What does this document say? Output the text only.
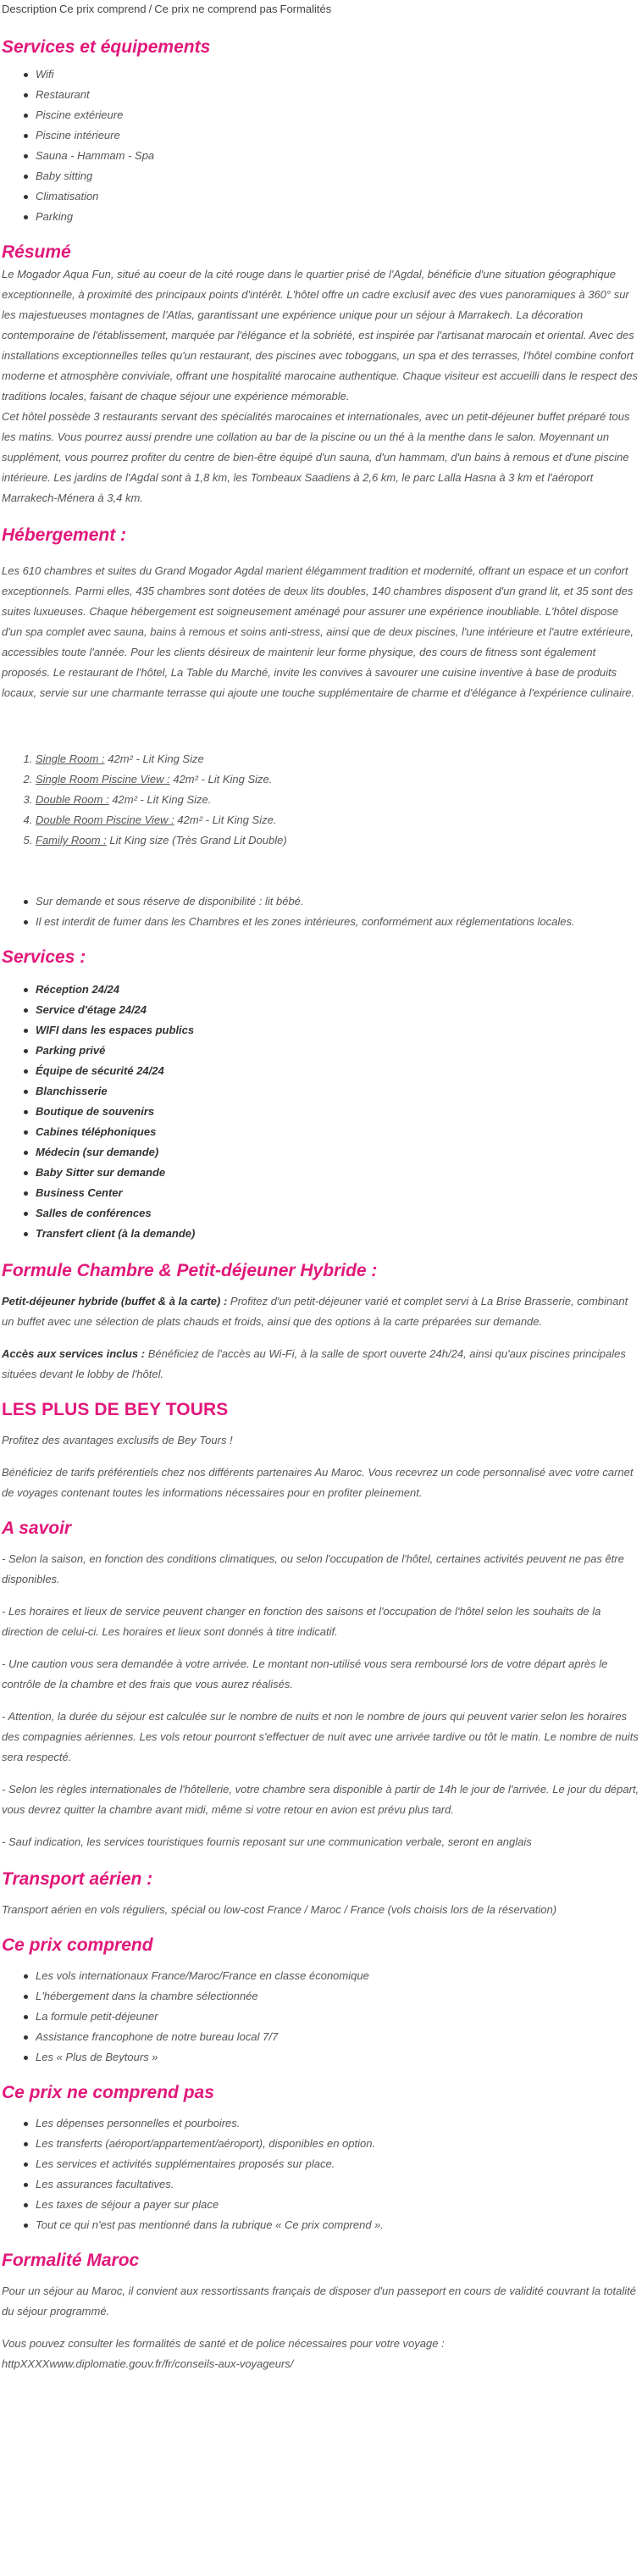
Description Ce prix comprend / Ce prix ne comprend pas Formalités
Services et équipements
Wifi
Restaurant
Piscine extérieure
Piscine intérieure
Sauna - Hammam - Spa
Baby sitting
Climatisation
Parking
Résumé

Le Mogador Aqua Fun, situé au coeur de la cité rouge dans le quartier prisé de l'Agdal, bénéficie d'une situation géographique exceptionnelle, à proximité des principaux points d'intérêt. L'hôtel offre un cadre exclusif avec des vues panoramiques à 360° sur les majestueuses montagnes de l'Atlas, garantissant une expérience unique pour un séjour à Marrakech. La décoration contemporaine de l'établissement, marquée par l'élégance et la sobriété, est inspirée par l'artisanat marocain et oriental. Avec des installations exceptionnelles telles qu'un restaurant, des piscines avec toboggans, un spa et des terrasses, l'hôtel combine confort moderne et atmosphère conviviale, offrant une hospitalité marocaine authentique. Chaque visiteur est accueilli dans le respect des traditions locales, faisant de chaque séjour une expérience mémorable.

Cet hôtel possède 3 restaurants servant des spécialités marocaines et internationales, avec un petit-déjeuner buffet préparé tous les matins. Vous pourrez aussi prendre une collation au bar de la piscine ou un thé à la menthe dans le salon. Moyennant un supplément, vous pourrez profiter du centre de bien-être équipé d'un sauna, d'un hammam, d'un bains à remous et d'une piscine intérieure. Les jardins de l'Agdal sont à 1,8 km, les Tombeaux Saadiens à 2,6 km, le parc Lalla Hasna à 3 km et l'aéroport Marrakech-Ménera à 3,4 km.

Hébergement :

Les 610 chambres et suites du Grand Mogador Agdal marient élégamment tradition et modernité, offrant un espace et un confort exceptionnels. Parmi elles, 435 chambres sont dotées de deux lits doubles, 140 chambres disposent d'un grand lit, et 35 sont des suites luxueuses. Chaque hébergement est soigneusement aménagé pour assurer une expérience inoubliable. L'hôtel dispose d'un spa complet avec sauna, bains à remous et soins anti-stress, ainsi que de deux piscines, l'une intérieure et l'autre extérieure, accessibles toute l'année. Pour les clients désireux de maintenir leur forme physique, des cours de fitness sont également proposés. Le restaurant de l'hôtel, La Table du Marché, invite les convives à savourer une cuisine inventive à base de produits locaux, servie sur une charmante terrasse qui ajoute une touche supplémentaire de charme et d'élégance à l'expérience culinaire.

1. Single Room : 42m² - Lit King Size
2. Single Room Piscine View : 42m² - Lit King Size.
3. Double Room : 42m² - Lit King Size.
4. Double Room Piscine View : 42m² - Lit King Size.
5. Family Room : Lit King size (Très Grand Lit Double)
Sur demande et sous réserve de disponibilité : lit bébé.
Il est interdit de fumer dans les Chambres et les zones intérieures, conformément aux réglementations locales.
Services :
Réception 24/24
Service d'étage 24/24
WIFI dans les espaces publics
Parking privé
Équipe de sécurité 24/24
Blanchisserie
Boutique de souvenirs
Cabines téléphoniques
Médecin (sur demande)
Baby Sitter sur demande
Business Center
Salles de conférences
Transfert client (à la demande)
Formule Chambre & Petit-déjeuner Hybride :

Petit-déjeuner hybride (buffet & à la carte) : Profitez d'un petit-déjeuner varié et complet servi à La Brise Brasserie, combinant un buffet avec une sélection de plats chauds et froids, ainsi que des options à la carte préparées sur demande.

Accès aux services inclus : Bénéficiez de l'accès au Wi-Fi, à la salle de sport ouverte 24h/24, ainsi qu'aux piscines principales situées devant le lobby de l'hôtel.

LES PLUS DE BEY TOURS

Profitez des avantages exclusifs de Bey Tours !

Bénéficiez de tarifs préférentiels chez nos différents partenaires Au Maroc. Vous recevrez un code personnalisé avec votre carnet de voyages contenant toutes les informations nécessaires pour en profiter pleinement.

A savoir

- Selon la saison, en fonction des conditions climatiques, ou selon l'occupation de l'hôtel, certaines activités peuvent ne pas être disponibles.

- Les horaires et lieux de service peuvent changer en fonction des saisons et l'occupation de l'hôtel selon les souhaits de la direction de celui-ci. Les horaires et lieux sont donnés à titre indicatif.

- Une caution vous sera demandée à votre arrivée. Le montant non-utilisé vous sera remboursé lors de votre départ après le contrôle de la chambre et des frais que vous aurez réalisés.

- Attention, la durée du séjour est calculée sur le nombre de nuits et non le nombre de jours qui peuvent varier selon les horaires des compagnies aériennes. Les vols retour pourront s'effectuer de nuit avec une arrivée tardive ou tôt le matin. Le nombre de nuits sera respecté.

- Selon les règles internationales de l'hôtellerie, votre chambre sera disponible à partir de 14h le jour de l'arrivée. Le jour du départ, vous devrez quitter la chambre avant midi, même si votre retour en avion est prévu plus tard.

- Sauf indication, les services touristiques fournis reposant sur une communication verbale, seront en anglais

Transport aérien :

Transport aérien en vols réguliers, spécial ou low-cost France / Maroc / France (vols choisis lors de la réservation)

Ce prix comprend
Les vols internationaux France/Maroc/France en classe économique
L'hébergement dans la chambre sélectionnée
La formule petit-déjeuner
Assistance francophone de notre bureau local 7/7
Les « Plus de Beytours »
Ce prix ne comprend pas
Les dépenses personnelles et pourboires.
Les transferts (aéroport/appartement/aéroport), disponibles en option.
Les services et activités supplémentaires proposés sur place.
Les assurances facultatives.
Les taxes de séjour a payer sur place
Tout ce qui n'est pas mentionné dans la rubrique « Ce prix comprend ».
Formalité Maroc

Pour un séjour au Maroc, il convient aux ressortissants français de disposer d'un passeport en cours de validité couvrant la totalité du séjour programmé.

Vous pouvez consulter les formalités de santé et de police nécessaires pour votre voyage :

httpXXXXwww.diplomatie.gouv.fr/fr/conseils-aux-voyageurs/
